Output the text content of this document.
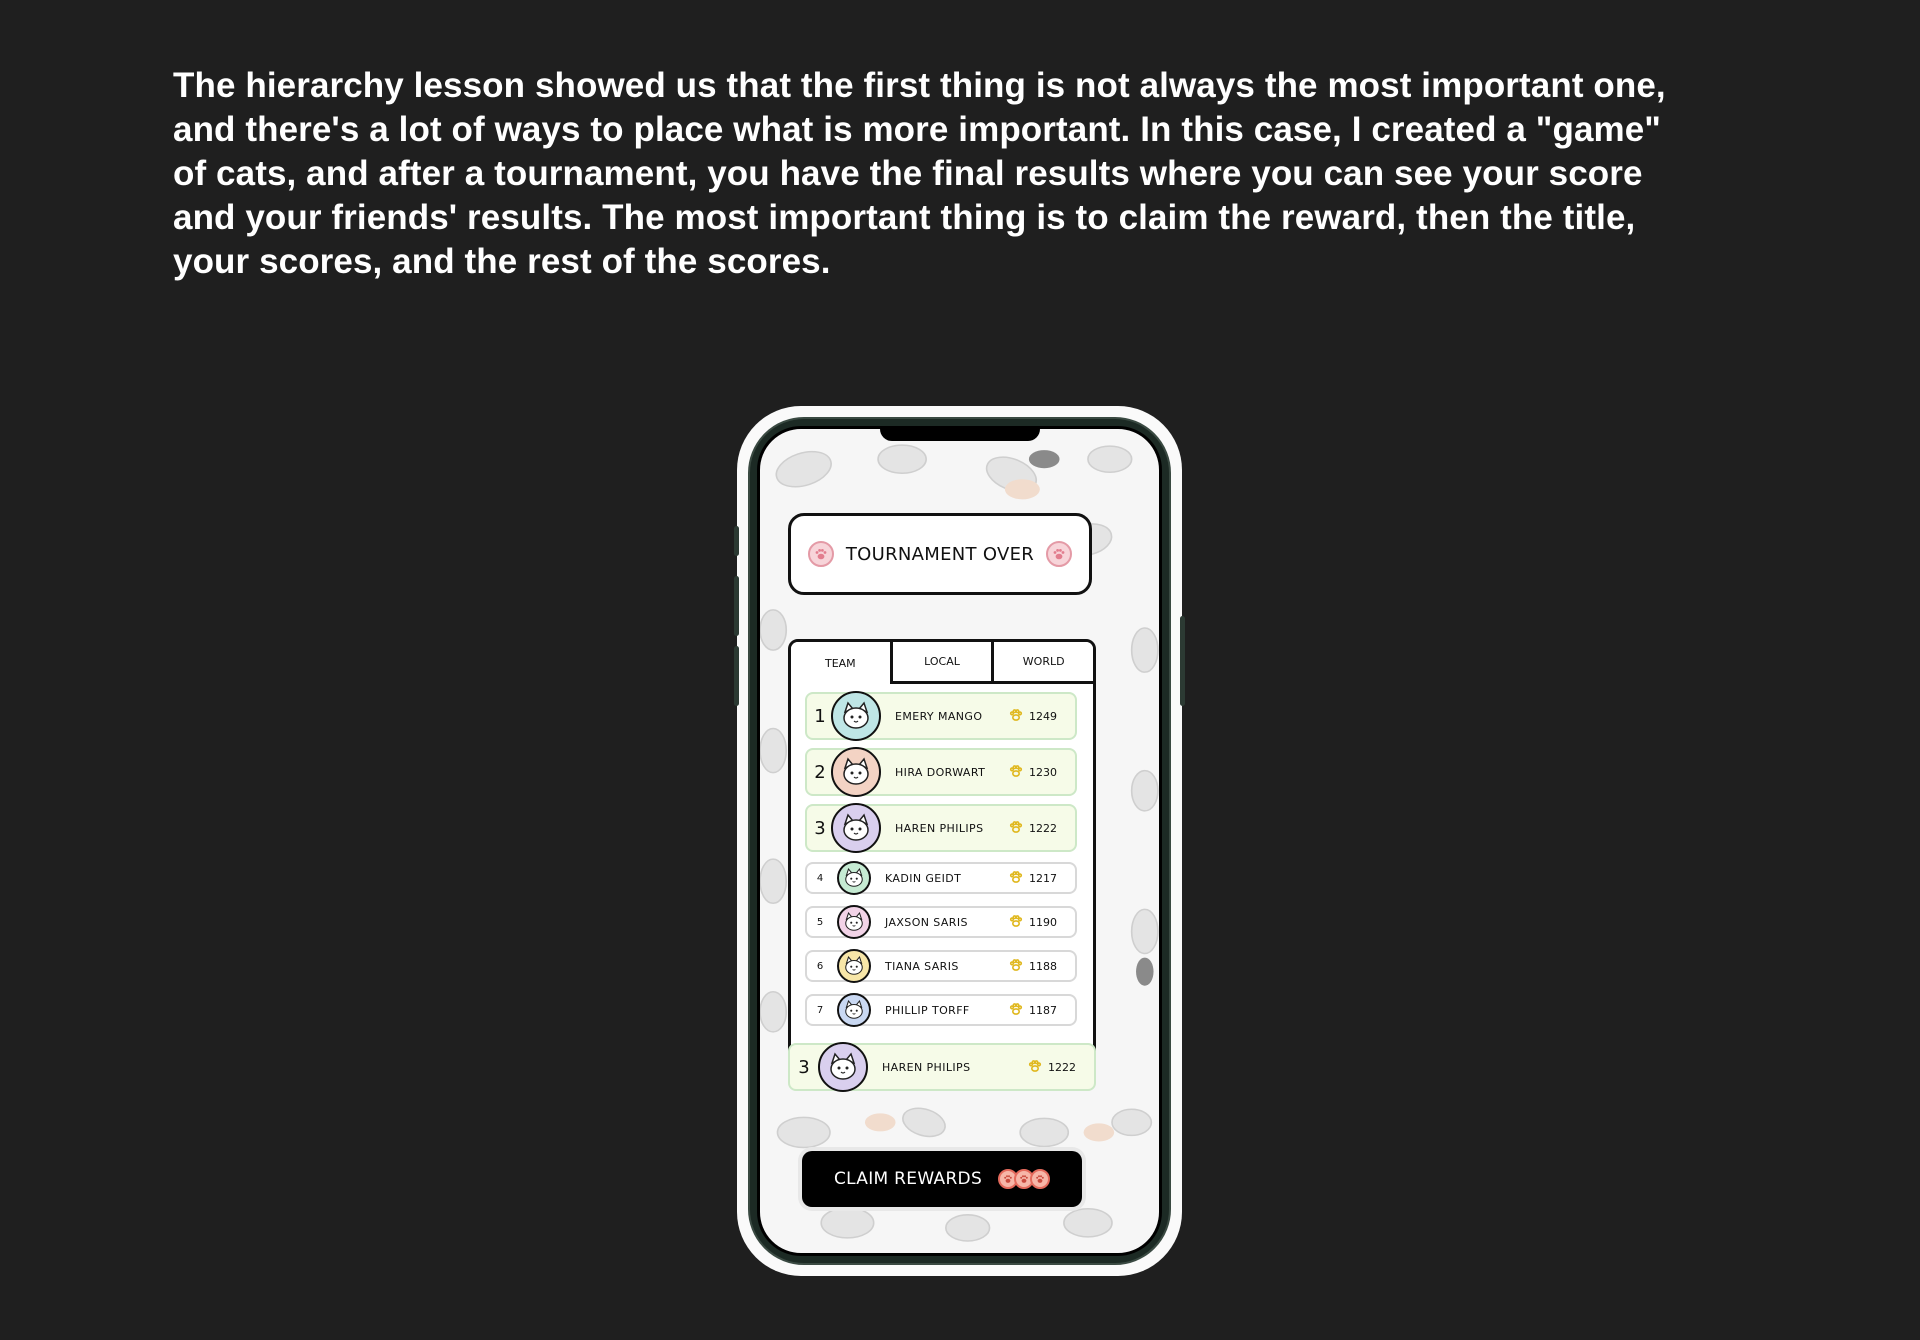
The hierarchy lesson showed us that the first thing is not always the most important one,

and there's a lot of ways to place what is more important. In this case, I created a "game"

of cats, and after a tournament, you have the final results where you can see your score

and your friends' results. The most important thing is to claim the reward, then the title,

your scores, and the rest of the scores.

TOURNAMENT OVER
TEAM	LOCAL	WORLD
1	EMERY MANGO	1249
2	HIRA DORWART	1230
3	HAREN PHILIPS	1222
4	KADIN GEIDT	1217
5	JAXSON SARIS	1190
6	TIANA SARIS	1188
7	PHILLIP TORFF	1187
3	HAREN PHILIPS	1222
CLAIM REWARDS
